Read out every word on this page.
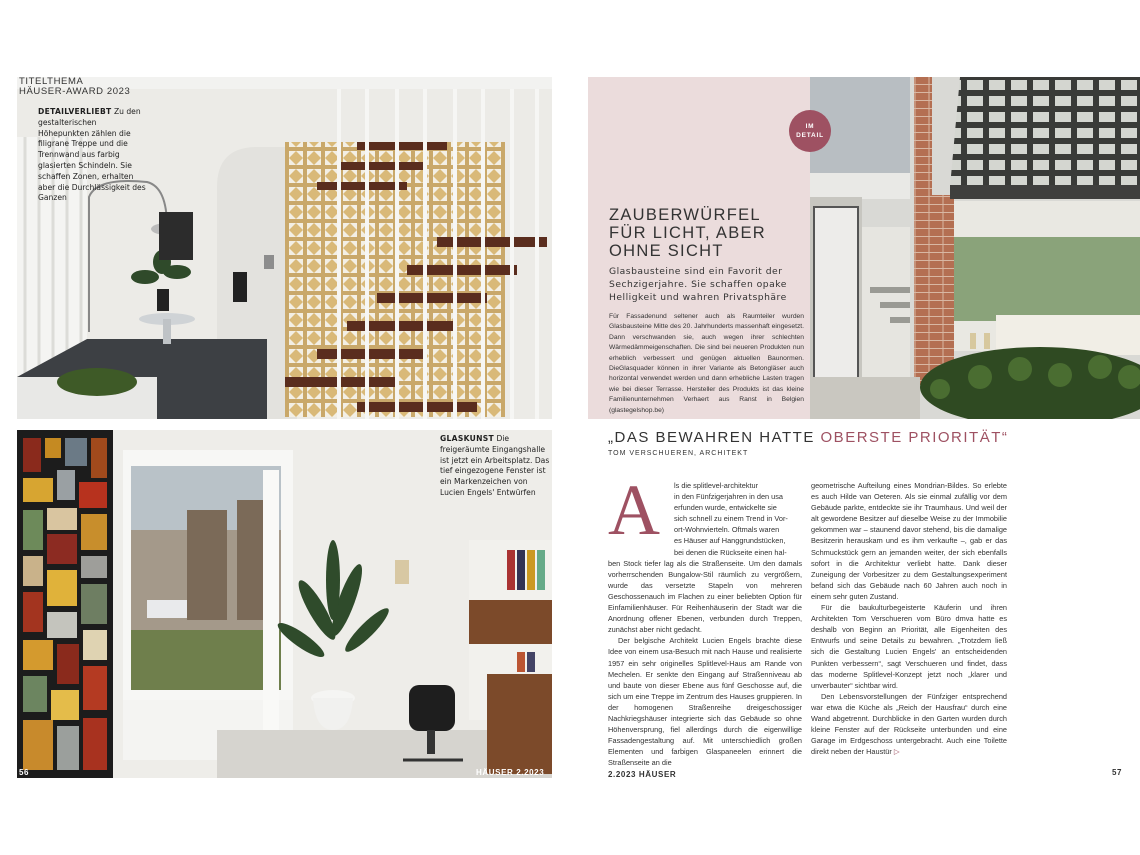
TITELTHEMA
HÄUSER-AWARD 2023
DETAILVERLIEBT Zu den gestalterischen Höhepunkten zählen die filigrane Treppe und die Trennwand aus farbig glasierten Schindeln. Sie schaffen Zonen, erhalten aber die Durchlässigkeit des Ganzen
GLASKUNST Die freigeräumte Eingangshalle ist jetzt ein Arbeitsplatz. Das tief eingezogene Fenster ist ein Markenzeichen von Lucien Engels' Entwürfen
56	HÄUSER 2.2023
IM
DETAIL
ZAUBERWÜRFEL
FÜR LICHT, ABER
OHNE SICHT
Glasbausteine sind ein Favorit der Sechzigerjahre. Sie schaffen opake Helligkeit und wahren Privatsphäre
Für Fassadenund seltener auch als Raumteiler wurden Glasbausteine Mitte des 20. Jahrhunderts massenhaft eingesetzt. Dann verschwanden sie, auch wegen ihrer schlechten Wärmedämmeigenschaften. Die sind bei neueren Produkten nun erheblich verbessert und genügen aktuellen Baunormen. DieGlasquader können in ihrer Variante als Betongläser auch horizontal verwendet werden und dann erhebliche Lasten tragen wie bei dieser Terrasse. Hersteller des Produkts ist das kleine Familienunternehmen Verhaert aus Ranst in Belgien (glastegelshop.be)
„DAS BEWAHREN HATTE OBERSTE PRIORITÄT“
TOM VERSCHUEREN, ARCHITEKT
A	ls die splitlevel-architektur
in den Fünfzigerjahren in den usa
erfunden wurde, entwickelte sie
sich schnell zu einem Trend in Vor-
ort-Wohnvierteln. Oftmals waren
es Häuser auf Hanggrundstücken,
bei denen die Rückseite einen hal-
ben Stock tiefer lag als die Straßenseite. Um den damals vorherrschenden Bungalow-Stil räumlich zu vergrößern, wurde das versetzte Stapeln von mehreren Geschossenauch im Flachen zu einer beliebten Option für Einfamilienhäuser. Für Reihenhäuserin der Stadt war die Anordnung offener Ebenen, verbunden durch Treppen, zunächst aber nicht gedacht.

Der belgische Architekt Lucien Engels brachte diese Idee von einem usa-Besuch mit nach Hause und realisierte 1957 ein sehr originelles Splitlevel-Haus am Rande von Mechelen. Er senkte den Eingang auf Straßenniveau ab und baute von dieser Ebene aus fünf Geschosse auf, die sich um eine Treppe im Zentrum des Hauses gruppieren. In der homogenen Straßenreihe dreigeschossiger Nachkriegshäuser integrierte sich das Gebäude so ohne Höhenversprung, fiel allerdings durch die eigenwillige Fassadengestaltung auf. Mit unterschiedlich großen Elementen und farbigen Glaspaneelen erinnert die Straßenseite an die

geometrische Aufteilung eines Mondrian-Bildes. So erlebte es auch Hilde van Oeteren. Als sie einmal zufällig vor dem Gebäude parkte, entdeckte sie ihr Traumhaus. Und weil der alt gewordene Besitzer auf dieselbe Weise zu der Immobilie gekommen war – staunend davor stehend, bis die damalige Besitzerin herauskam und es ihm verkaufte –, gab er das Schmuckstück gern an jemanden weiter, der sich ebenfalls sofort in die Architektur verliebt hatte. Dank dieser Zuneigung der Vorbesitzer zu dem Gestaltungsexperiment befand sich das Gebäude nach 60 Jahren auch noch in einem sehr guten Zustand.

Für die baukulturbegeisterte Käuferin und ihren Architekten Tom Verschueren vom Büro dmva hatte es deshalb von Beginn an Priorität, alle Eigenheiten des Entwurfs und seine Details zu bewahren. „Trotzdem ließ sich die Gestaltung Lucien Engels' an entscheidenden Punkten verbessern“, sagt Verschueren und findet, dass das moderne Splitlevel-Konzept jetzt noch „klarer und unverbauter“ sichtbar wird.

Den Lebensvorstellungen der Fünfziger entsprechend war etwa die Küche als „Reich der Hausfrau“ durch eine Wand abgetrennt. Durchblicke in den Garten wurden durch kleine Fenster auf der Rückseite unterbunden und eine Garage im Erdgeschoss untergebracht. Auch eine Toilette direkt neben der Haustür ▷

2.2023 HÄUSER	57
